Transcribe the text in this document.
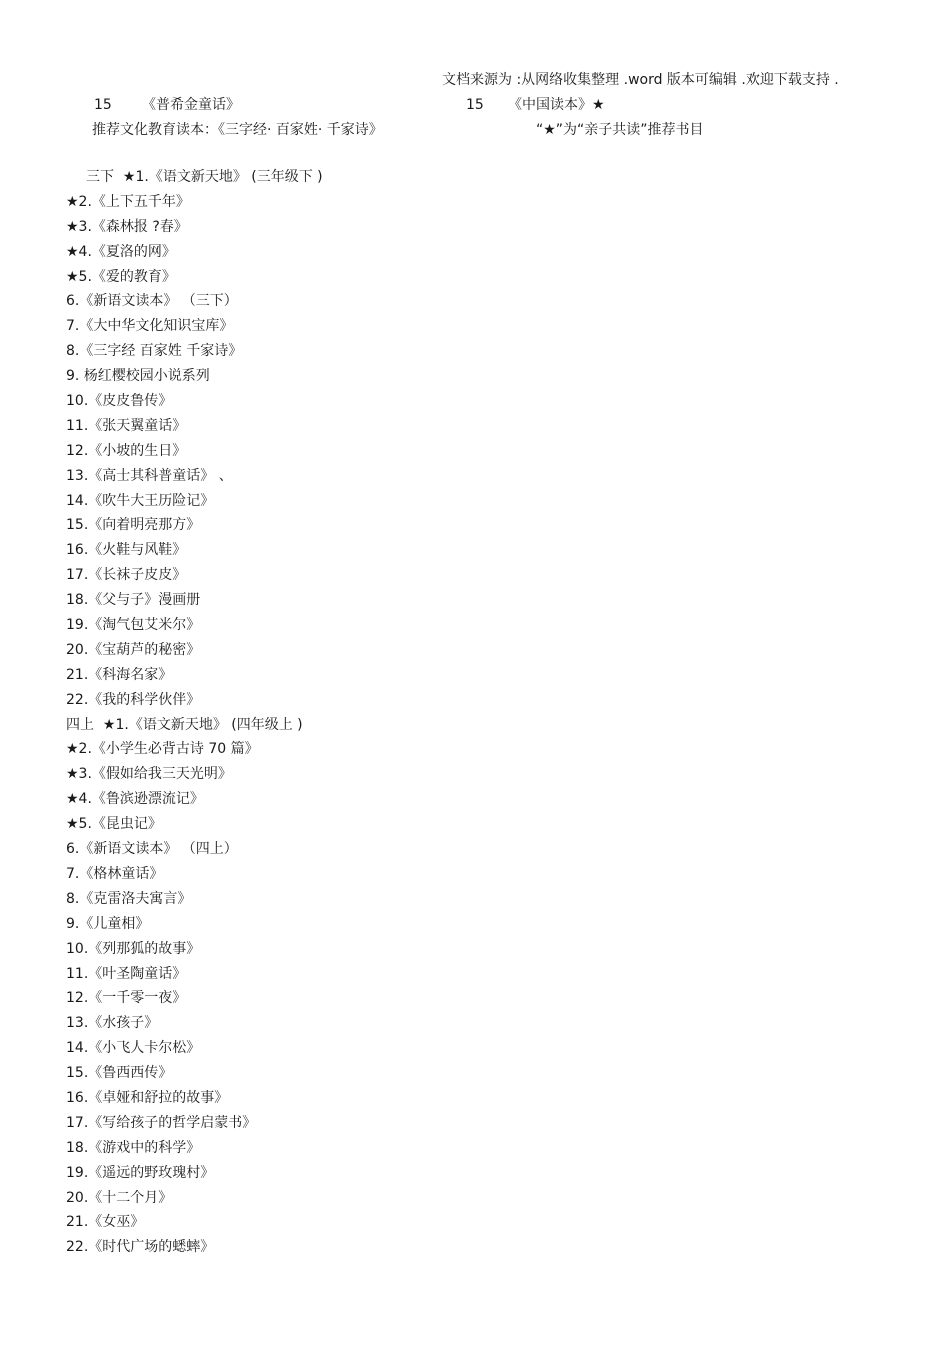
文档来源为 :从网络收集整理 .word 版本可编辑 .欢迎下载支持 .
15 《普希金童话》	15 《中国读本》★
推荐文化教育读本：《三字经· 百家姓· 千家诗》	“★”为“亲子共读”推荐书目
三下 ★1.《语文新天地》 (三年级下 )
★2.《上下五千年》
★3.《森林报 ?春》
★4.《夏洛的网》
★5.《爱的教育》
6.《新语文读本》 （三下）
7.《大中华文化知识宝库》
8.《三字经 百家姓 千家诗》
9. 杨红樱校园小说系列
10.《皮皮鲁传》
11.《张天翼童话》
12.《小坡的生日》
13.《高士其科普童话》 、
14.《吹牛大王历险记》
15.《向着明亮那方》
16.《火鞋与风鞋》
17.《长袜子皮皮》
18.《父与子》漫画册
19.《淘气包艾米尔》
20.《宝葫芦的秘密》
21.《科海名家》
22.《我的科学伙伴》
四上 ★1.《语文新天地》 (四年级上 )
★2.《小学生必背古诗 70 篇》
★3.《假如给我三天光明》
★4.《鲁滨逊漂流记》
★5.《昆虫记》
6.《新语文读本》 （四上）
7.《格林童话》
8.《克雷洛夫寓言》
9.《儿童相》
10.《列那狐的故事》
11.《叶圣陶童话》
12.《一千零一夜》
13.《水孩子》
14.《小飞人卡尔松》
15.《鲁西西传》
16.《卓娅和舒拉的故事》
17.《写给孩子的哲学启蒙书》
18.《游戏中的科学》
19.《遥远的野玫瑰村》
20.《十二个月》
21.《女巫》
22.《时代广场的蟋蟀》
